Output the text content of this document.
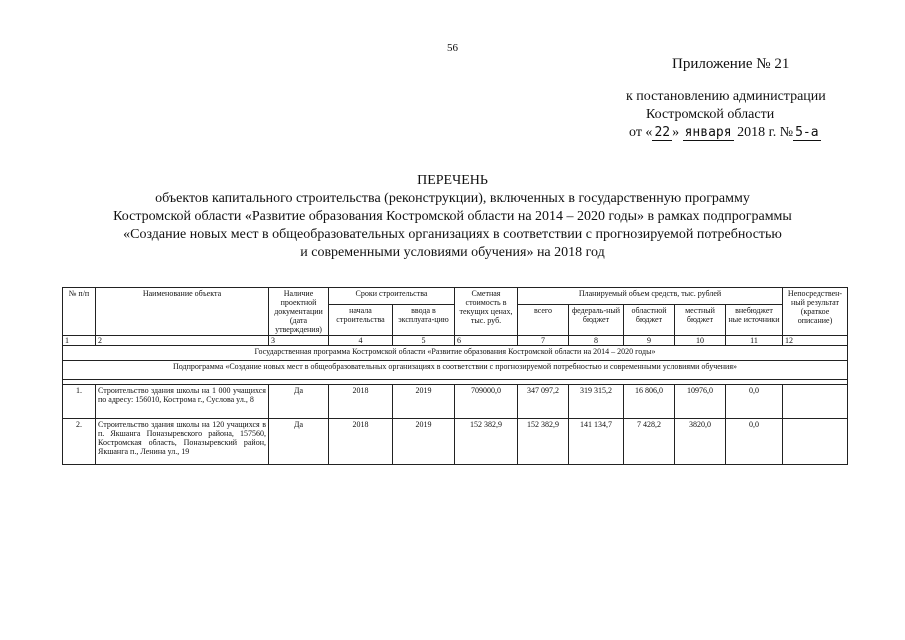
56
Приложение № 21
к постановлению администрации
Костромской области
от « 22 » января 2018 г. № 5-а
ПЕРЕЧЕНЬ
объектов капитального строительства (реконструкции), включенных в государственную программу
Костромской области «Развитие образования Костромской области на 2014 – 2020 годы» в рамках подпрограммы
«Создание новых мест в общеобразовательных организациях в соответствии с прогнозируемой потребностью
и современными условиями обучения» на 2018 год
№ п/п	Наименование объекта	Наличие проектной документации (дата утверждения)	Сроки строительства		Сметная стоимость в текущих ценах, тыс. руб.	Планируемый объем средств, тыс. рублей					Непосредствен-ный результат (краткое описание)
			начала строительства	ввода в эксплуата-цию		всего	федераль-ный бюджет	областной бюджет	местный бюджет	внебюджет ные источники	
1	2	3	4	5	6	7	8	9	10	11	12
Государственная программа Костромской области «Развитие образования Костромской области на 2014 – 2020 годы»											
Подпрограмма «Создание новых мест в общеобразовательных организациях в соответствии с прогнозируемой потребностью и современными условиями обучения»											

1.	Строительство здания школы на 1 000 учащихся по адресу: 156010, Кострома г., Суслова ул., 8	Да	2018	2019	709000,0	347 097,2	319 315,2	16 806,0	10976,0	0,0	
2.	Строительство здания школы на 120 учащихся в п. Якшанга Поназыревского района, 157560, Костромская область, Поназыревский район, Якшанга п., Ленина ул., 19	Да	2018	2019	152 382,9	152 382,9	141 134,7	7 428,2	3820,0	0,0	
